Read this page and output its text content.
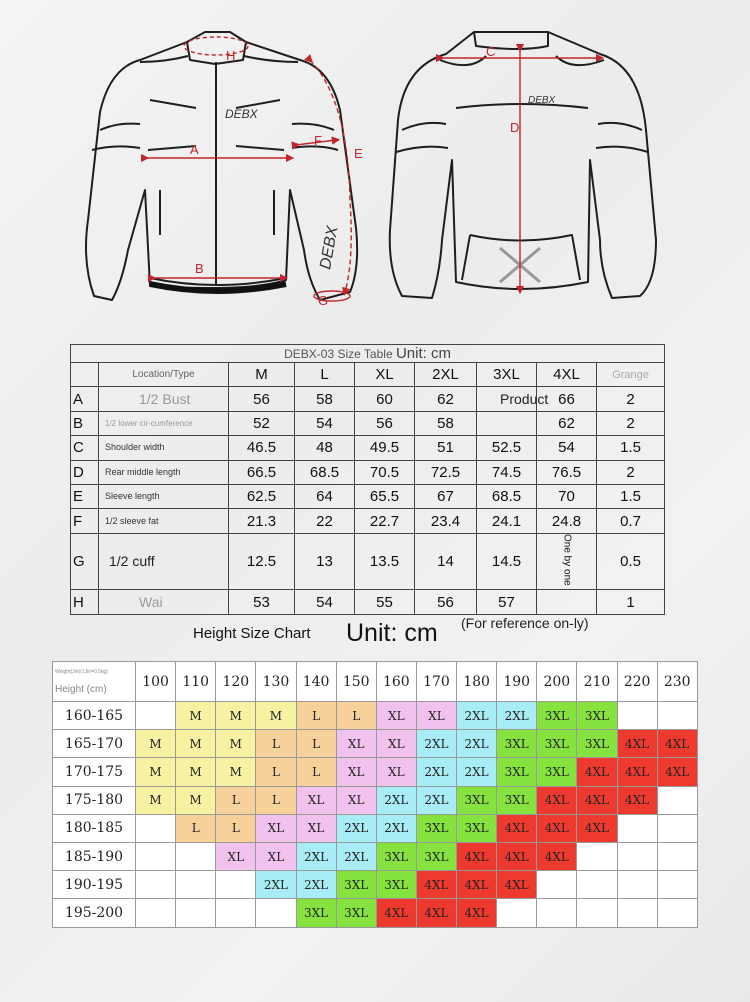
DEBX
DEBX
A
B
E
F
G
H
DEBX
C
D
DEBX-03 Size Table Unit: cm								
	Location/Type	M	L	XL	2XL	3XL	4XL	Grange
A	1/2 Bust	56	58	60	62		66	2
B	1/2 lower cir-cumference	52	54	56	58		62	2
C	Shoulder width	46.5	48	49.5	51	52.5	54	1.5
D	Rear middle length	66.5	68.5	70.5	72.5	74.5	76.5	2
E	Sleeve length	62.5	64	65.5	67	68.5	70	1.5
F	1/2 sleeve fat	21.3	22	22.7	23.4	24.1	24.8	0.7
G	1/2 cuff	12.5	13	13.5	14	14.5	One by one	0.5
H	Wai	53	54	55	56	57		1
Product
Height Size Chart Unit: cm (For reference on-ly)
Weight(Jin)(1Jin=0.5kg)
Height (cm)	100	110	120	130	140	150	160	170	180	190	200	210	220	230
160-165		M	M	M	L	L	XL	XL	2XL	2XL	3XL	3XL		
165-170	M	M	M	L	L	XL	XL	2XL	2XL	3XL	3XL	3XL	4XL	4XL
170-175	M	M	M	L	L	XL	XL	2XL	2XL	3XL	3XL	4XL	4XL	4XL
175-180	M	M	L	L	XL	XL	2XL	2XL	3XL	3XL	4XL	4XL	4XL	
180-185		L	L	XL	XL	2XL	2XL	3XL	3XL	4XL	4XL	4XL		
185-190			XL	XL	2XL	2XL	3XL	3XL	4XL	4XL	4XL			
190-195				2XL	2XL	3XL	3XL	4XL	4XL	4XL				
195-200					3XL	3XL	4XL	4XL	4XL					
